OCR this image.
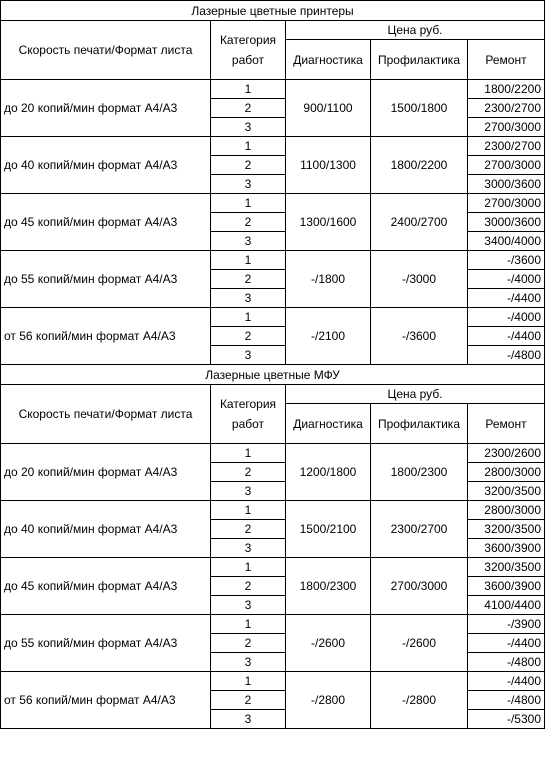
Лазерные цветные принтеры				
Скорость печати/Формат листа	Категория работ	Цена руб.		
		Диагностика	Профилактика	Ремонт
до 20 копий/мин формат А4/А3	1	900/1100	1500/1800	1800/2200
	2			2300/2700
	3			2700/3000
до 40 копий/мин формат А4/А3	1	1100/1300	1800/2200	2300/2700
	2			2700/3000
	3			3000/3600
до 45 копий/мин формат А4/А3	1	1300/1600	2400/2700	2700/3000
	2			3000/3600
	3			3400/4000
до 55 копий/мин формат А4/А3	1	-/1800	-/3000	-/3600
	2			-/4000
	3			-/4400
от 56 копий/мин формат А4/А3	1	-/2100	-/3600	-/4000
	2			-/4400
	3			-/4800
Лазерные цветные МФУ				
Скорость печати/Формат листа	Категория работ	Цена руб.		
		Диагностика	Профилактика	Ремонт
до 20 копий/мин формат А4/А3	1	1200/1800	1800/2300	2300/2600
	2			2800/3000
	3			3200/3500
до 40 копий/мин формат А4/А3	1	1500/2100	2300/2700	2800/3000
	2			3200/3500
	3			3600/3900
до 45 копий/мин формат А4/А3	1	1800/2300	2700/3000	3200/3500
	2			3600/3900
	3			4100/4400
до 55 копий/мин формат А4/А3	1	-/2600	-/2600	-/3900
	2			-/4400
	3			-/4800
от 56 копий/мин формат А4/А3	1	-/2800	-/2800	-/4400
	2			-/4800
	3			-/5300
